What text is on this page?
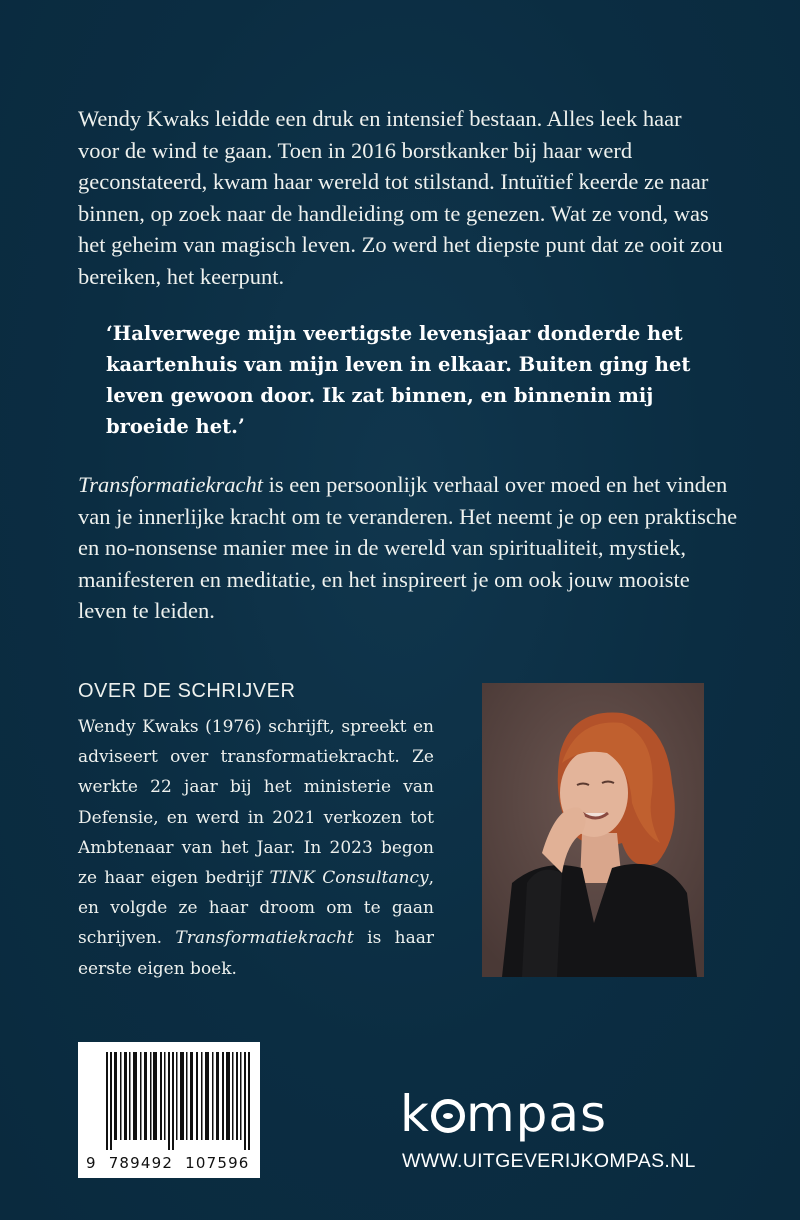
Wendy Kwaks leidde een druk en intensief bestaan. Alles leek haar voor de wind te gaan. Toen in 2016 borstkanker bij haar werd geconstateerd, kwam haar wereld tot stilstand. Intuïtief keerde ze naar binnen, op zoek naar de handleiding om te genezen. Wat ze vond, was het geheim van magisch leven. Zo werd het diepste punt dat ze ooit zou bereiken, het keerpunt.

‘Halverwege mijn veertigste levensjaar donderde het kaartenhuis van mijn leven in elkaar. Buiten ging het leven gewoon door. Ik zat binnen, en binnenin mij broeide het.’

Transformatiekracht is een persoonlijk verhaal over moed en het vinden van je innerlijke kracht om te veranderen. Het neemt je op een praktische en no-nonsense manier mee in de wereld van spiritualiteit, mystiek, manifesteren en meditatie, en het inspireert je om ook jouw mooiste leven te leiden.

OVER DE SCHRIJVER

Wendy Kwaks (1976) schrijft, spreekt en adviseert over transformatiekracht. Ze werkte 22 jaar bij het ministerie van Defensie, en werd in 2021 verkozen tot Ambtenaar van het Jaar. In 2023 begon ze haar eigen bedrijf TINK Consultancy, en volgde ze haar droom om te gaan schrijven. Transformatiekracht is haar eerste eigen boek.

9 789492 107596
k mpas
WWW.UITGEVERIJKOMPAS.NL
